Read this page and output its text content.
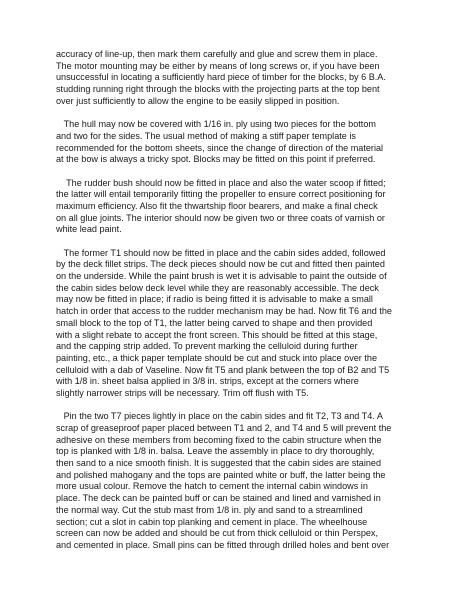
accuracy of line-up, then mark them carefully and glue and screw them in place.
The motor mounting may be either by means of long screws or, if you have been
unsuccessful in locating a sufficiently hard piece of timber for the blocks, by 6 B.A.
studding running right through the blocks with the projecting parts at the top bent
over just sufficiently to allow the engine to be easily slipped in position.
The hull may now be covered with 1/16 in. ply using two pieces for the bottom
and two for the sides. The usual method of making a stiff paper template is
recommended for the bottom sheets, since the change of direction of the material
at the bow is always a tricky spot. Blocks may be fitted on this point if preferred.
The rudder bush should now be fitted in place and also the water scoop if fitted;
the latter will entail temporarily fitting the propeller to ensure correct positioning for
maximum efficiency. Also fit the thwartship floor bearers, and make a final check
on all glue joints. The interior should now be given two or three coats of varnish or
white lead paint.
The former T1 should now be fitted in place and the cabin sides added, followed
by the deck fillet strips. The deck pieces should now be cut and fitted then painted
on the underside. While the paint brush is wet it is advisable to paint the outside of
the cabin sides below deck level while they are reasonably accessible. The deck
may now be fitted in place; if radio is being fitted it is advisable to make a small
hatch in order that access to the rudder mechanism may be had. Now fit T6 and the
small block to the top of T1, the latter being carved to shape and then provided
with a slight rebate to accept the front screen. This should be fitted at this stage,
and the capping strip added. To prevent marking the celluloid during further
painting, etc., a thick paper template should be cut and stuck into place over the
celluloid with a dab of Vaseline. Now fit T5 and plank between the top of B2 and T5
with 1/8 in. sheet balsa applied in 3/8 in. strips, except at the corners where
slightly narrower strips will be necessary. Trim off flush with T5.
Pin the two T7 pieces lightly in place on the cabin sides and fit T2, T3 and T4. A
scrap of greaseproof paper placed between T1 and 2, and T4 and 5 will prevent the
adhesive on these members from becoming fixed to the cabin structure when the
top is planked with 1/8 in. balsa. Leave the assembly in place to dry thoroughly,
then sand to a nice smooth finish. It is suggested that the cabin sides are stained
and polished mahogany and the tops are painted white or buff, the latter being the
more usual colour. Remove the hatch to cement the internal cabin windows in
place. The deck can be painted buff or can be stained and lined and varnished in
the normal way. Cut the stub mast from 1/8 in. ply and sand to a streamlined
section; cut a slot in cabin top planking and cement in place. The wheelhouse
screen can now be added and should be cut from thick celluloid or thin Perspex,
and cemented in place. Small pins can be fitted through drilled holes and bent over
